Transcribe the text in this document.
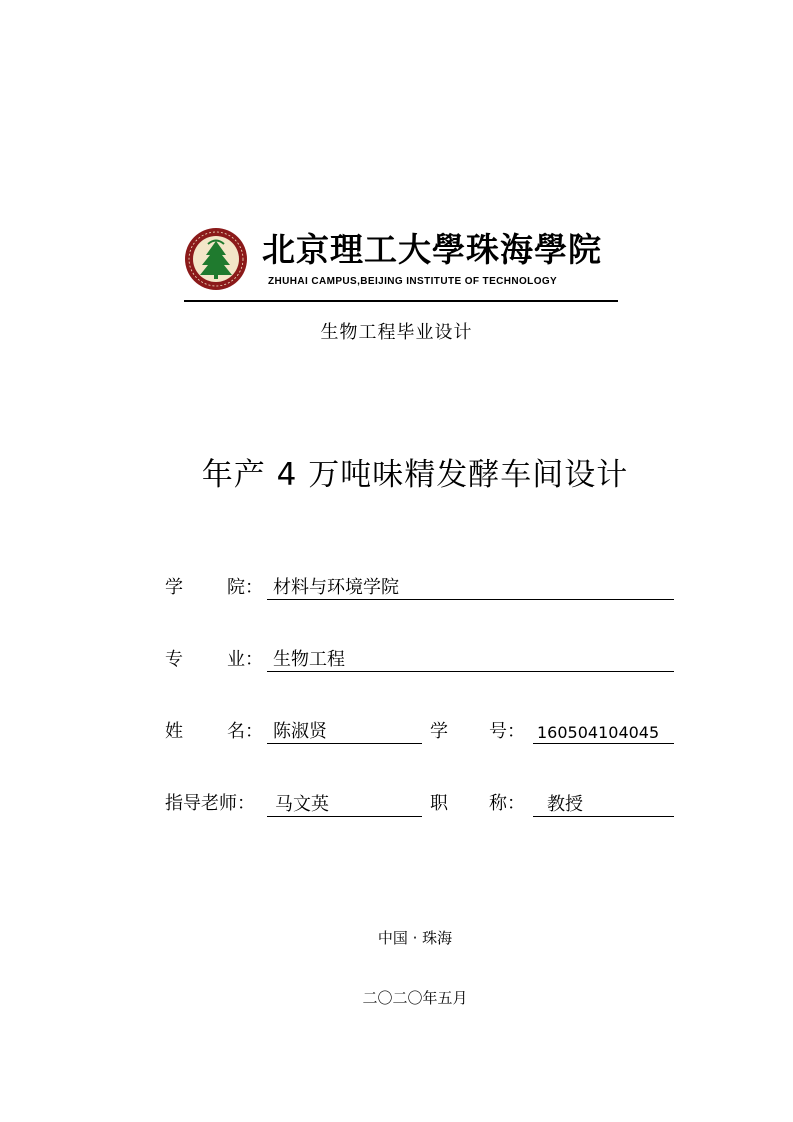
北京理工大學珠海學院
ZHUHAI CAMPUS,BEIJING INSTITUTE OF TECHNOLOGY
生物工程毕业设计
年产 4 万吨味精发酵车间设计
学 院： 材料与环境学院
专 业： 生物工程
姓 名： 陈淑贤	学 号： 160504104045
指导老师： 马文英	职 称： 教授
中国 · 珠海
二〇二〇年五月
